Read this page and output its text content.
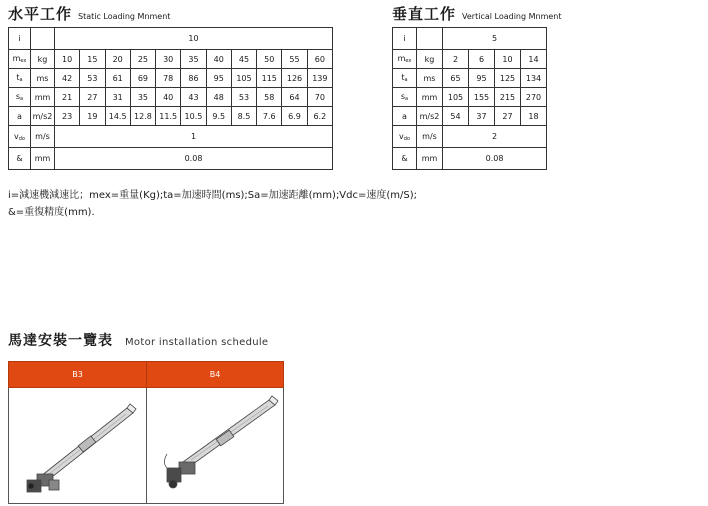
水平工作 Static Loading Mnment
i		10										
$m_{ex}$	kg	10	15	20	25	30	35	40	45	50	55	60
$t_a$	ms	42	53	61	69	78	86	95	105	115	126	139
$s_a$	mm	21	27	31	35	40	43	48	53	58	64	70
a	m/s2	23	19	14.5	12.8	11.5	10.5	9.5	8.5	7.6	6.9	6.2
$v_{do}$	m/s	1										
&	mm	0.08										
垂直工作 Vertical Loading Mnment
i		5			
$m_{ex}$	kg	2	6	10	14
$t_a$	ms	65	95	125	134
$s_a$	mm	105	155	215	270
a	m/s2	54	37	27	18
$v_{do}$	m/s	2			
&	mm	0.08			
i=減速機減速比；mex=重量(Kg);ta=加速時間(ms);Sa=加速距離(mm);Vdc=速度(m/S);
&=重復精度(mm).
馬達安裝一覽表 Motor installation schedule
B3	B4
